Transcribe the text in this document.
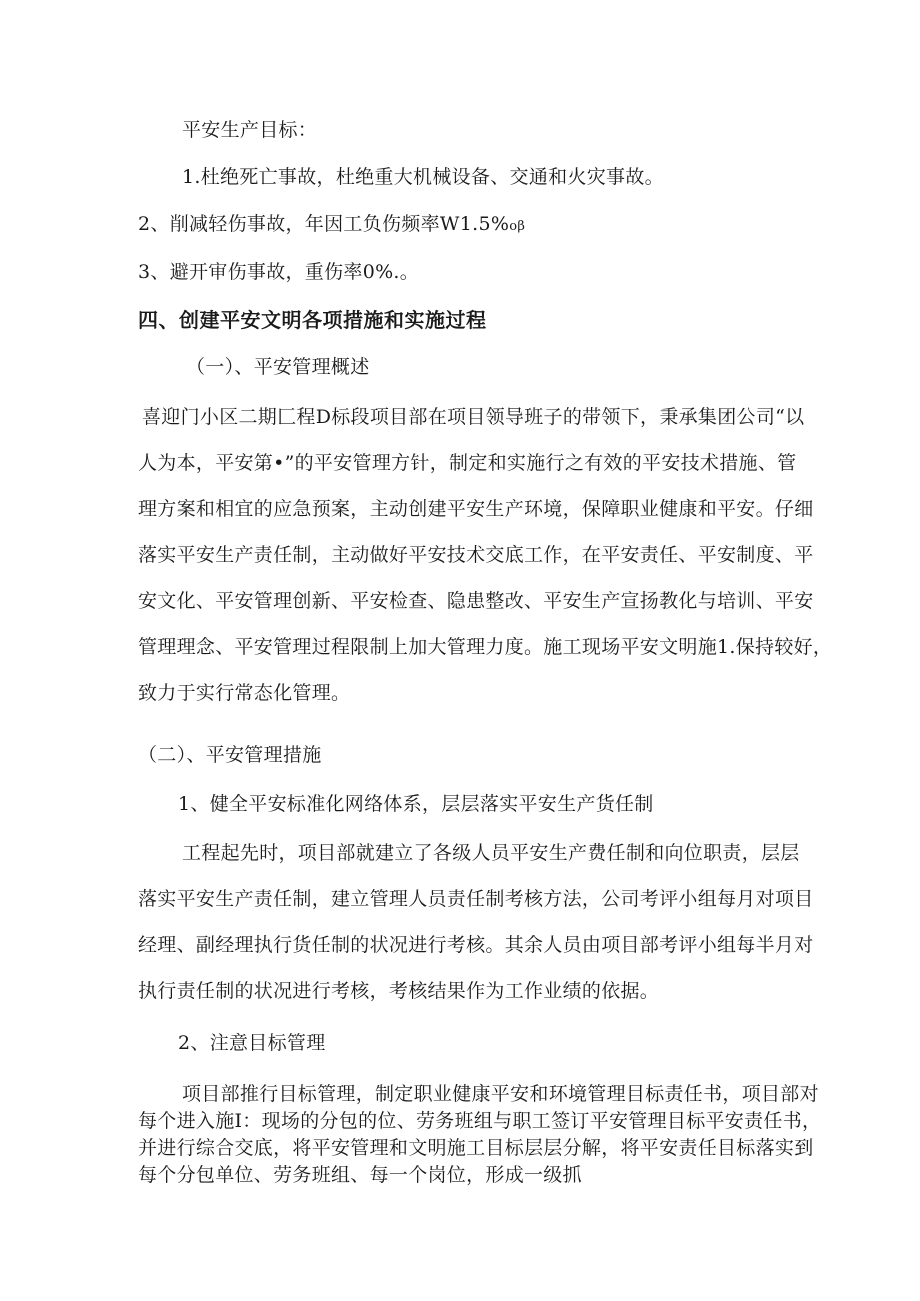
平安生产目标：
1.杜绝死亡事故，杜绝重大机械设备、交通和火灾事故。
2、削减轻伤事故，年因工负伤频率W1.5%oβ
3、避开审伤事故，重伤率0%.。
四、创建平安文明各项措施和实施过程
（一）、平安管理概述
喜迎门小区二期匚程D标段项目部在项目领导班子的带领下，秉承集团公司“以
人为本，平安第•”的平安管理方针，制定和实施行之有效的平安技术措施、管
理方案和相宜的应急预案，主动创建平安生产环境，保障职业健康和平安。仔细
落实平安生产责任制，主动做好平安技术交底工作，在平安责任、平安制度、平
安文化、平安管理创新、平安检查、隐患整改、平安生产宣扬教化与培训、平安
管理理念、平安管理过程限制上加大管理力度。施工现场平安文明施1.保持较好，
致力于实行常态化管理。
（二）、平安管理措施
1、健全平安标准化网络体系，层层落实平安生产货任制
工程起先时，项目部就建立了各级人员平安生产费任制和向位职责，层层
落实平安生产责任制，建立管理人员责任制考核方法，公司考评小组每月对项目
经理、副经理执行货任制的状况进行考核。其余人员由项目部考评小组每半月对
执行责任制的状况进行考核，考核结果作为工作业绩的依据。
2、注意目标管理
项目部推行目标管理，制定职业健康平安和环境管理目标责任书，项目部对
每个进入施I：现场的分包的位、劳务班组与职工签订平安管理目标平安责任书，
并进行综合交底，将平安管理和文明施工目标层层分解，将平安责任目标落实到
每个分包单位、劳务班组、每一个岗位，形成一级抓
